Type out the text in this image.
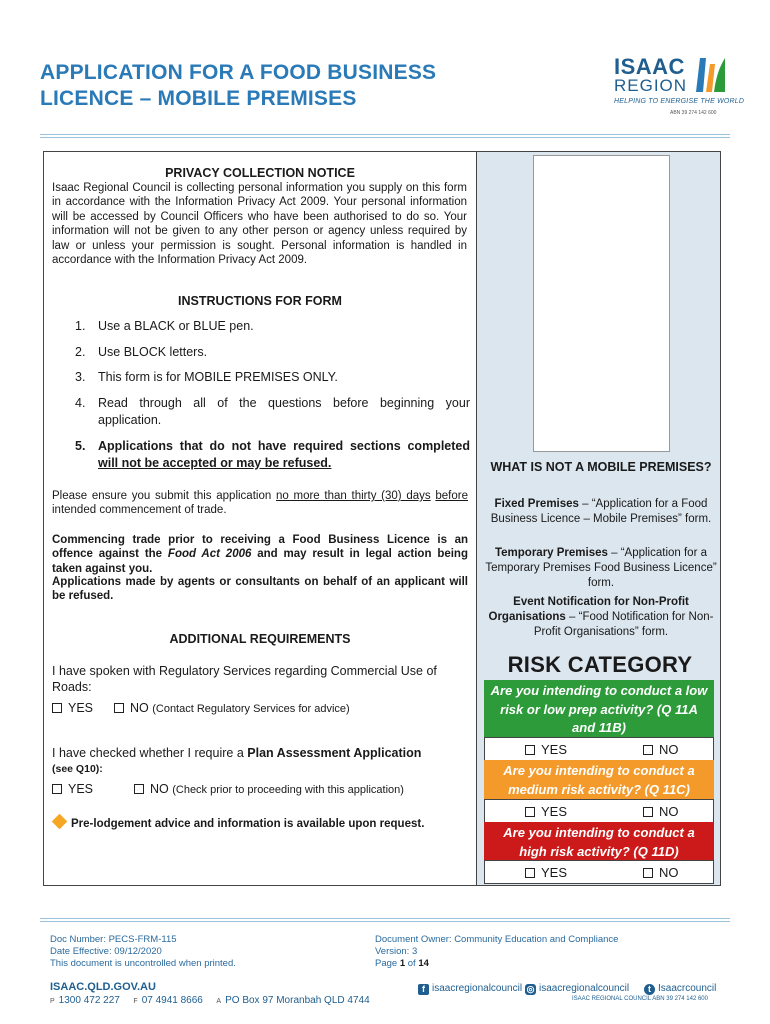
APPLICATION FOR A FOOD BUSINESS
LICENCE – MOBILE PREMISES
ISAAC
REGION
HELPING TO ENERGISE THE WORLD
ABN 39 274 142 600
PRIVACY COLLECTION NOTICE
Isaac Regional Council is collecting personal information you supply on this form in accordance with the Information Privacy Act 2009. Your personal information will be accessed by Council Officers who have been authorised to do so. Your information will not be given to any other person or agency unless required by law or unless your permission is sought. Personal information is handled in accordance with the Information Privacy Act 2009.
INSTRUCTIONS FOR FORM
1. Use a BLACK or BLUE pen.
2. Use BLOCK letters.
3. This form is for MOBILE PREMISES ONLY.
4. Read through all of the questions before beginning your application.
5. Applications that do not have required sections completed will not be accepted or may be refused.
Please ensure you submit this application no more than thirty (30) days before intended commencement of trade.
Commencing trade prior to receiving a Food Business Licence is an offence against the Food Act 2006 and may result in legal action being taken against you.
Applications made by agents or consultants on behalf of an applicant will be refused.
ADDITIONAL REQUIREMENTS
I have spoken with Regulatory Services regarding Commercial Use of Roads:
YES	NO (Contact Regulatory Services for advice)
I have checked whether I require a Plan Assessment Application
(see Q10):
YES	NO (Check prior to proceeding with this application)
Pre-lodgement advice and information is available upon request.
WHAT IS NOT A MOBILE PREMISES?
Fixed Premises – “Application for a Food Business Licence – Mobile Premises” form.
Temporary Premises – “Application for a Temporary Premises Food Business Licence” form.
Event Notification for Non-Profit Organisations – “Food Notification for Non-Profit Organisations” form.
RISK CATEGORY
Are you intending to conduct a low risk or low prep activity? (Q 11A and 11B)
YES	NO
Are you intending to conduct a medium risk activity? (Q 11C)
YES	NO
Are you intending to conduct a high risk activity? (Q 11D)
YES	NO
Doc Number: PECS-FRM-115
Date Effective: 09/12/2020
This document is uncontrolled when printed.
Document Owner: Community Education and Compliance
Version: 3
Page 1 of 14
ISAAC.QLD.GOV.AU
P 1300 472 227 F 07 4941 8666 A PO Box 97 Moranbah QLD 4744
f isaacregionalcouncil ◎ isaacregionalcouncil	t Isaacrcouncil
ISAAC REGIONAL COUNCIL ABN 39 274 142 600
